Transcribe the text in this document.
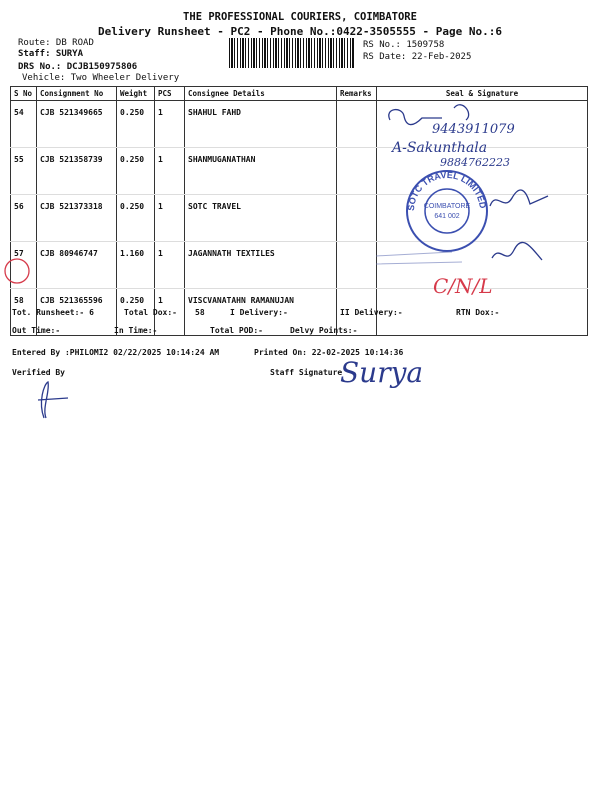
THE PROFESSIONAL COURIERS, COIMBATORE
Delivery Runsheet - PC2 - Phone No.:0422-3505555 - Page No.:6
Route: DB ROAD
Staff: SURYA
DRS No.: DCJB150975806
Vehicle: Two Wheeler Delivery
RS No.: 1509758
RS Date: 22-Feb-2025
S No	Consignment No	Weight	PCS	Consignee Details	Remarks	Seal & Signature
54	CJB 521349665	0.250	1	SHAHUL FAHD		
55	CJB 521358739	0.250	1	SHANMUGANATHAN		
56	CJB 521373318	0.250	1	SOTC TRAVEL		
57	CJB 80946747	1.160	1	JAGANNATH TEXTILES		
58	CJB 521365596	0.250	1	VISCVANATAHN RAMANUJAN		
9443911079
A-Sakunthala
9884762223
SOTC TRAVEL LIMITED
COIMBATORE
641 002
C/N/L
Tot. Runsheet:- 6	Total Dox:- 58	I Delivery:-	II Delivery:-	RTN Dox:-
Out Time:-	In Time:-	Total POD:-	Delvy Points:-
Entered By :PHILOMI2 02/22/2025 10:14:24 AM	Printed On: 22-02-2025 10:14:36
Verified By	Staff Signature
Surya
